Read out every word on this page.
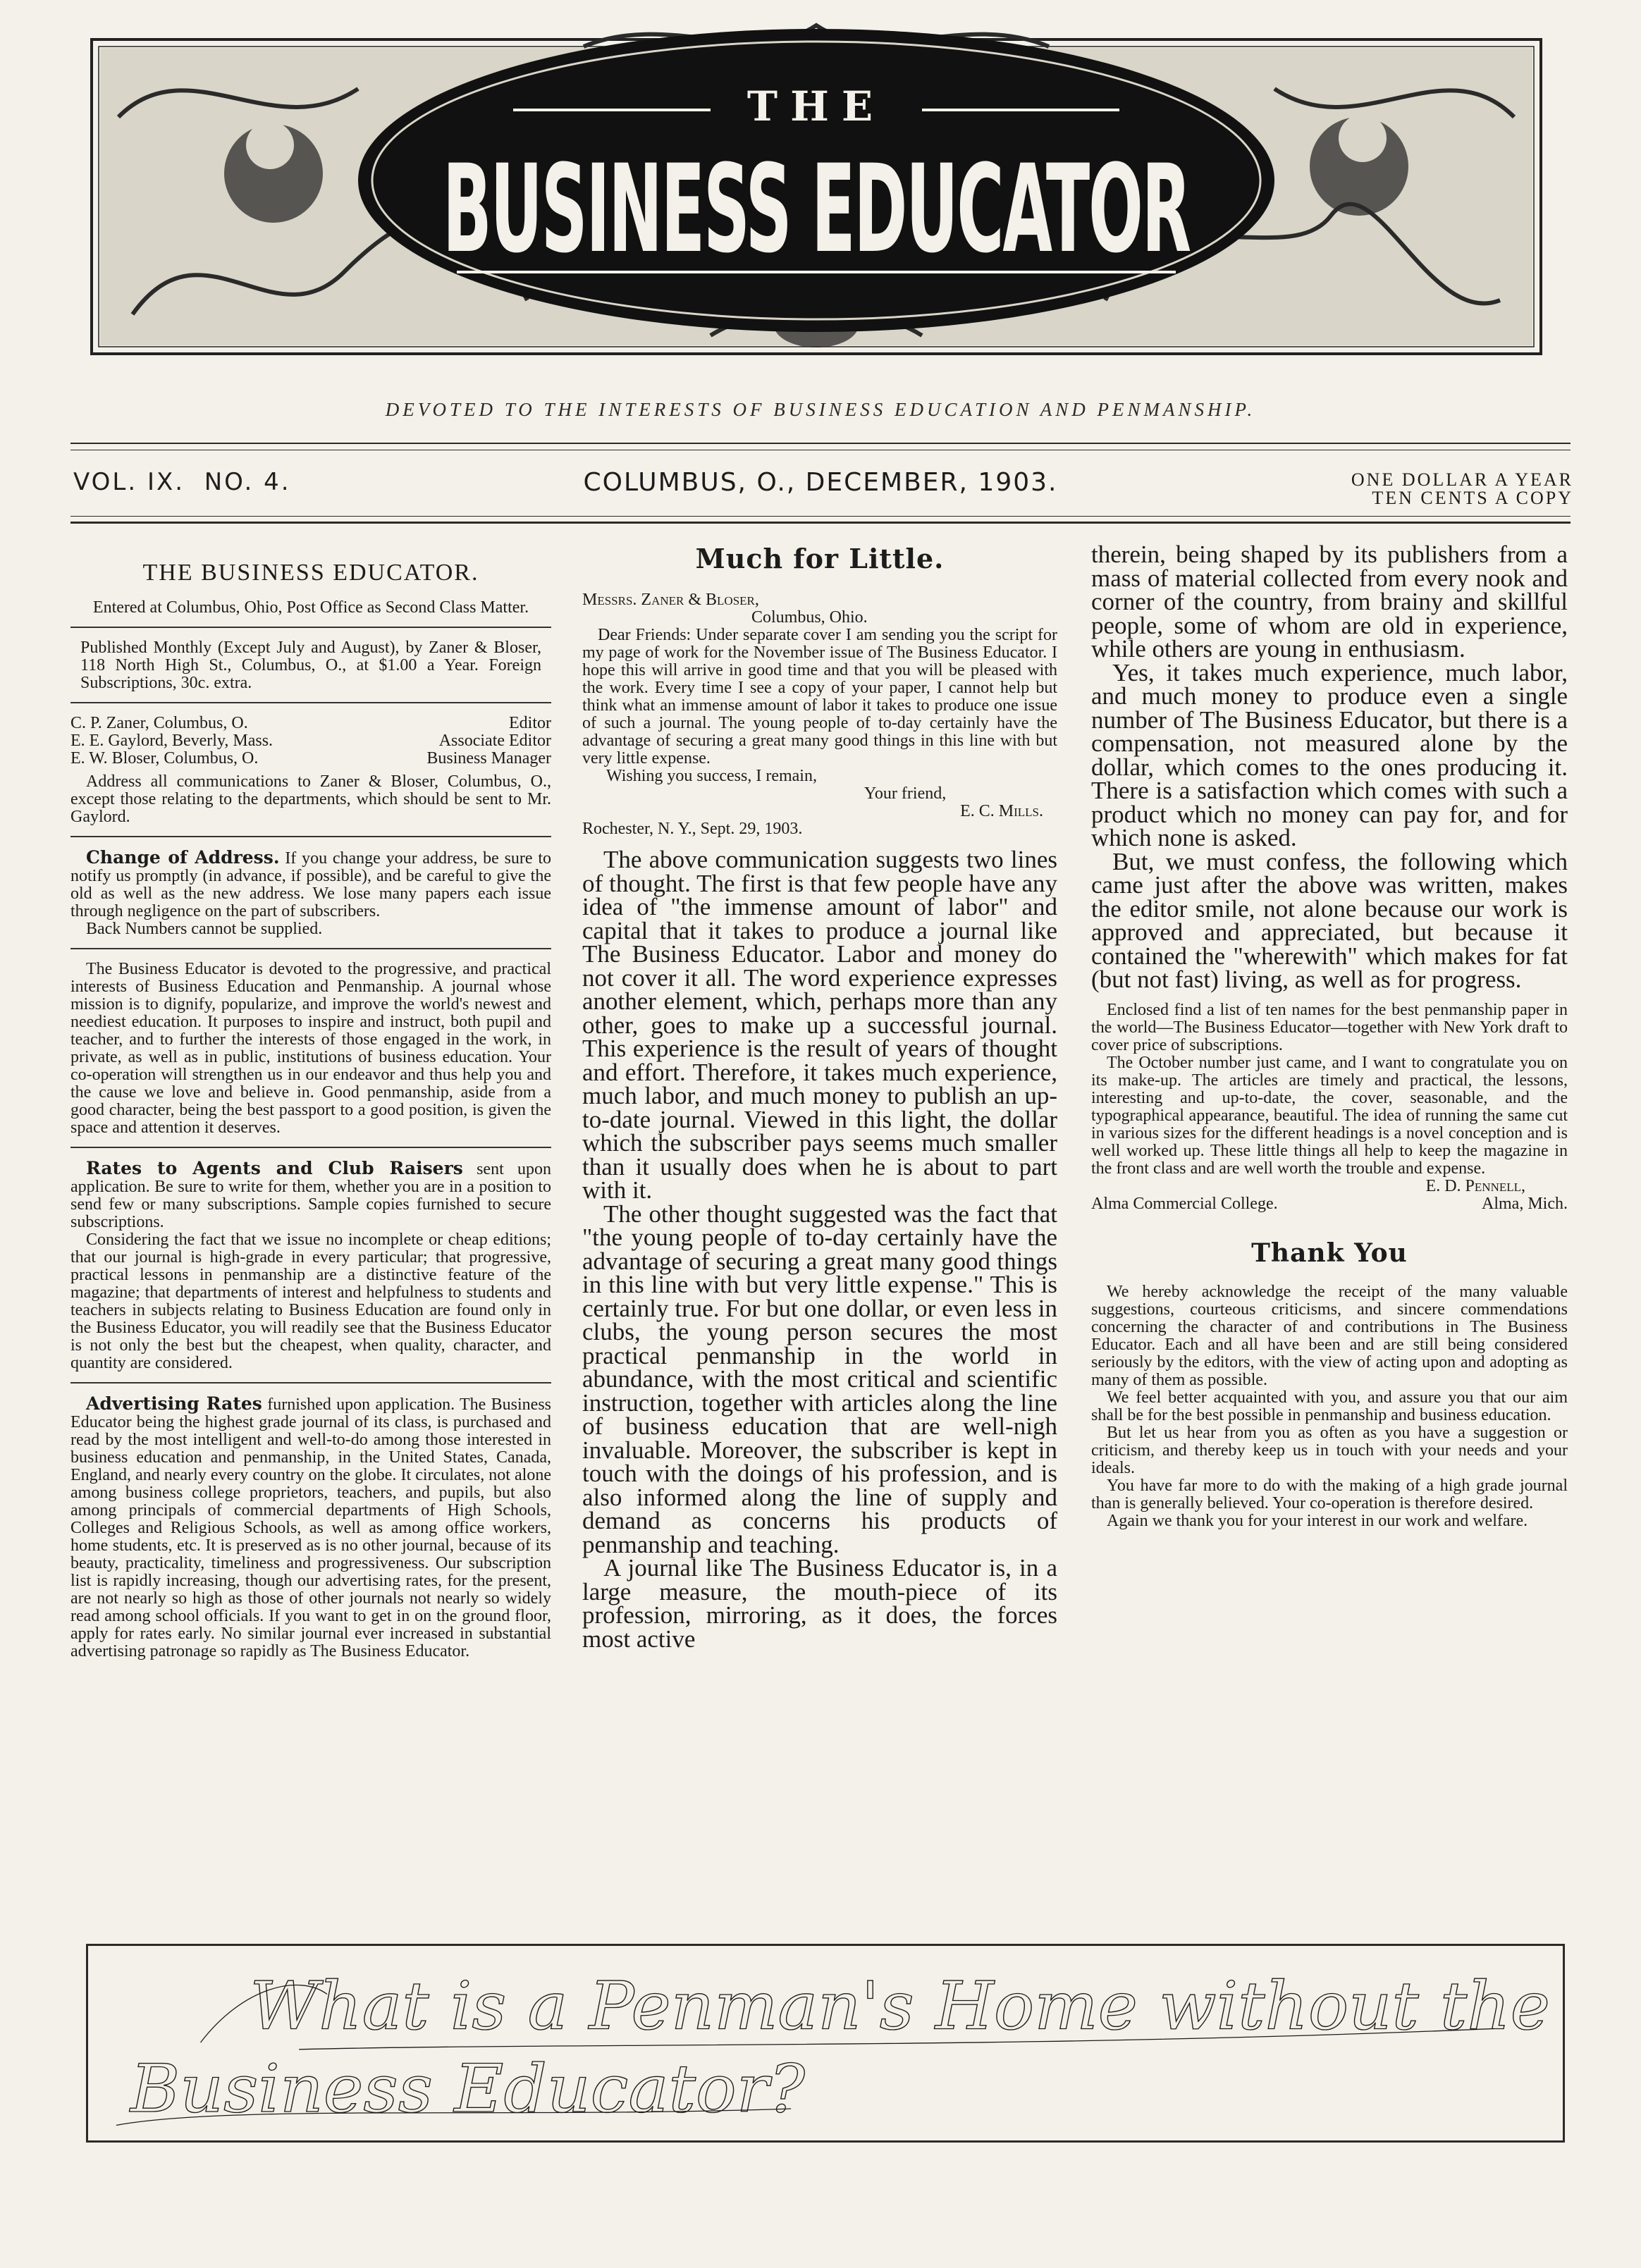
THE
BUSINESS EDUCATOR
DEVOTED TO THE INTERESTS OF BUSINESS EDUCATION AND PENMANSHIP.
VOL. IX. NO. 4.	COLUMBUS, O., DECEMBER, 1903.	ONE DOLLAR A YEAR
TEN CENTS A COPY
THE BUSINESS EDUCATOR.
Entered at Columbus, Ohio, Post Office as Second Class Matter.
Published Monthly (Except July and August), by Zaner & Bloser, 118 North High St., Columbus, O., at $1.00 a Year. Foreign Subscriptions, 30c. extra.
C. P. Zaner, Columbus, O.	Editor
E. E. Gaylord, Beverly, Mass.	Associate Editor
E. W. Bloser, Columbus, O.	Business Manager

Address all communications to Zaner & Bloser, Columbus, O., except those relating to the departments, which should be sent to Mr. Gaylord.

Change of Address. If you change your address, be sure to notify us promptly (in advance, if possible), and be careful to give the old as well as the new address. We lose many papers each issue through negligence on the part of subscribers.

Back Numbers cannot be supplied.

The Business Educator is devoted to the progressive, and practical interests of Business Education and Penmanship. A journal whose mission is to dignify, popularize, and improve the world's newest and neediest education. It purposes to inspire and instruct, both pupil and teacher, and to further the interests of those engaged in the work, in private, as well as in public, institutions of business education. Your co-operation will strengthen us in our endeavor and thus help you and the cause we love and believe in. Good penmanship, aside from a good character, being the best passport to a good position, is given the space and attention it deserves.

Rates to Agents and Club Raisers sent upon application. Be sure to write for them, whether you are in a position to send few or many subscriptions. Sample copies furnished to secure subscriptions.

Considering the fact that we issue no incomplete or cheap editions; that our journal is high-grade in every particular; that progressive, practical lessons in penmanship are a distinctive feature of the magazine; that departments of interest and helpfulness to students and teachers in subjects relating to Business Education are found only in the Business Educator, you will readily see that the Business Educator is not only the best but the cheapest, when quality, character, and quantity are considered.

Advertising Rates furnished upon application. The Business Educator being the highest grade journal of its class, is purchased and read by the most intelligent and well-to-do among those interested in business education and penmanship, in the United States, Canada, England, and nearly every country on the globe. It circulates, not alone among business college proprietors, teachers, and pupils, but also among principals of commercial departments of High Schools, Colleges and Religious Schools, as well as among office workers, home students, etc. It is preserved as is no other journal, because of its beauty, practicality, timeliness and progressiveness. Our subscription list is rapidly increasing, though our advertising rates, for the present, are not nearly so high as those of other journals not nearly so widely read among school officials. If you want to get in on the ground floor, apply for rates early. No similar journal ever increased in substantial advertising patronage so rapidly as The Business Educator.

Much for Little.
Messrs. Zaner & Bloser,
Columbus, Ohio.

Dear Friends: Under separate cover I am sending you the script for my page of work for the November issue of The Business Educator. I hope this will arrive in good time and that you will be pleased with the work. Every time I see a copy of your paper, I cannot help but think what an immense amount of labor it takes to produce one issue of such a journal. The young people of to-day certainly have the advantage of securing a great many good things in this line with but very little expense.

Wishing you success, I remain,
Your friend,
E. C. Mills.
Rochester, N. Y., Sept. 29, 1903.

The above communication suggests two lines of thought. The first is that few people have any idea of "the immense amount of labor" and capital that it takes to produce a journal like The Business Educator. Labor and money do not cover it all. The word experience expresses another element, which, perhaps more than any other, goes to make up a successful journal. This experience is the result of years of thought and effort. Therefore, it takes much experience, much labor, and much money to publish an up-to-date journal. Viewed in this light, the dollar which the subscriber pays seems much smaller than it usually does when he is about to part with it.

The other thought suggested was the fact that "the young people of to-day certainly have the advantage of securing a great many good things in this line with but very little expense." This is certainly true. For but one dollar, or even less in clubs, the young person secures the most practical penmanship in the world in abundance, with the most critical and scientific instruction, together with articles along the line of business education that are well-nigh invaluable. Moreover, the subscriber is kept in touch with the doings of his profession, and is also informed along the line of supply and demand as concerns his products of penmanship and teaching.

A journal like The Business Educator is, in a large measure, the mouth-piece of its profession, mirroring, as it does, the forces most active

therein, being shaped by its publishers from a mass of material collected from every nook and corner of the country, from brainy and skillful people, some of whom are old in experience, while others are young in enthusiasm.

Yes, it takes much experience, much labor, and much money to produce even a single number of The Business Educator, but there is a compensation, not measured alone by the dollar, which comes to the ones producing it. There is a satisfaction which comes with such a product which no money can pay for, and for which none is asked.

But, we must confess, the following which came just after the above was written, makes the editor smile, not alone because our work is approved and appreciated, but because it contained the "wherewith" which makes for fat (but not fast) living, as well as for progress.

Enclosed find a list of ten names for the best penmanship paper in the world—The Business Educator—together with New York draft to cover price of subscriptions.

The October number just came, and I want to congratulate you on its make-up. The articles are timely and practical, the lessons, interesting and up-to-date, the cover, seasonable, and the typographical appearance, beautiful. The idea of running the same cut in various sizes for the different headings is a novel conception and is well worked up. These little things all help to keep the magazine in the front class and are well worth the trouble and expense.

E. D. Pennell,
Alma Commercial College.	Alma, Mich.
Thank You

We hereby acknowledge the receipt of the many valuable suggestions, courteous criticisms, and sincere commendations concerning the character of and contributions in The Business Educator. Each and all have been and are still being considered seriously by the editors, with the view of acting upon and adopting as many of them as possible.

We feel better acquainted with you, and assure you that our aim shall be for the best possible in penmanship and business education.

But let us hear from you as often as you have a suggestion or criticism, and thereby keep us in touch with your needs and your ideals.

You have far more to do with the making of a high grade journal than is generally believed. Your co-operation is therefore desired.

Again we thank you for your interest in our work and welfare.

What is a Penman's Home without the
Business Educator?
